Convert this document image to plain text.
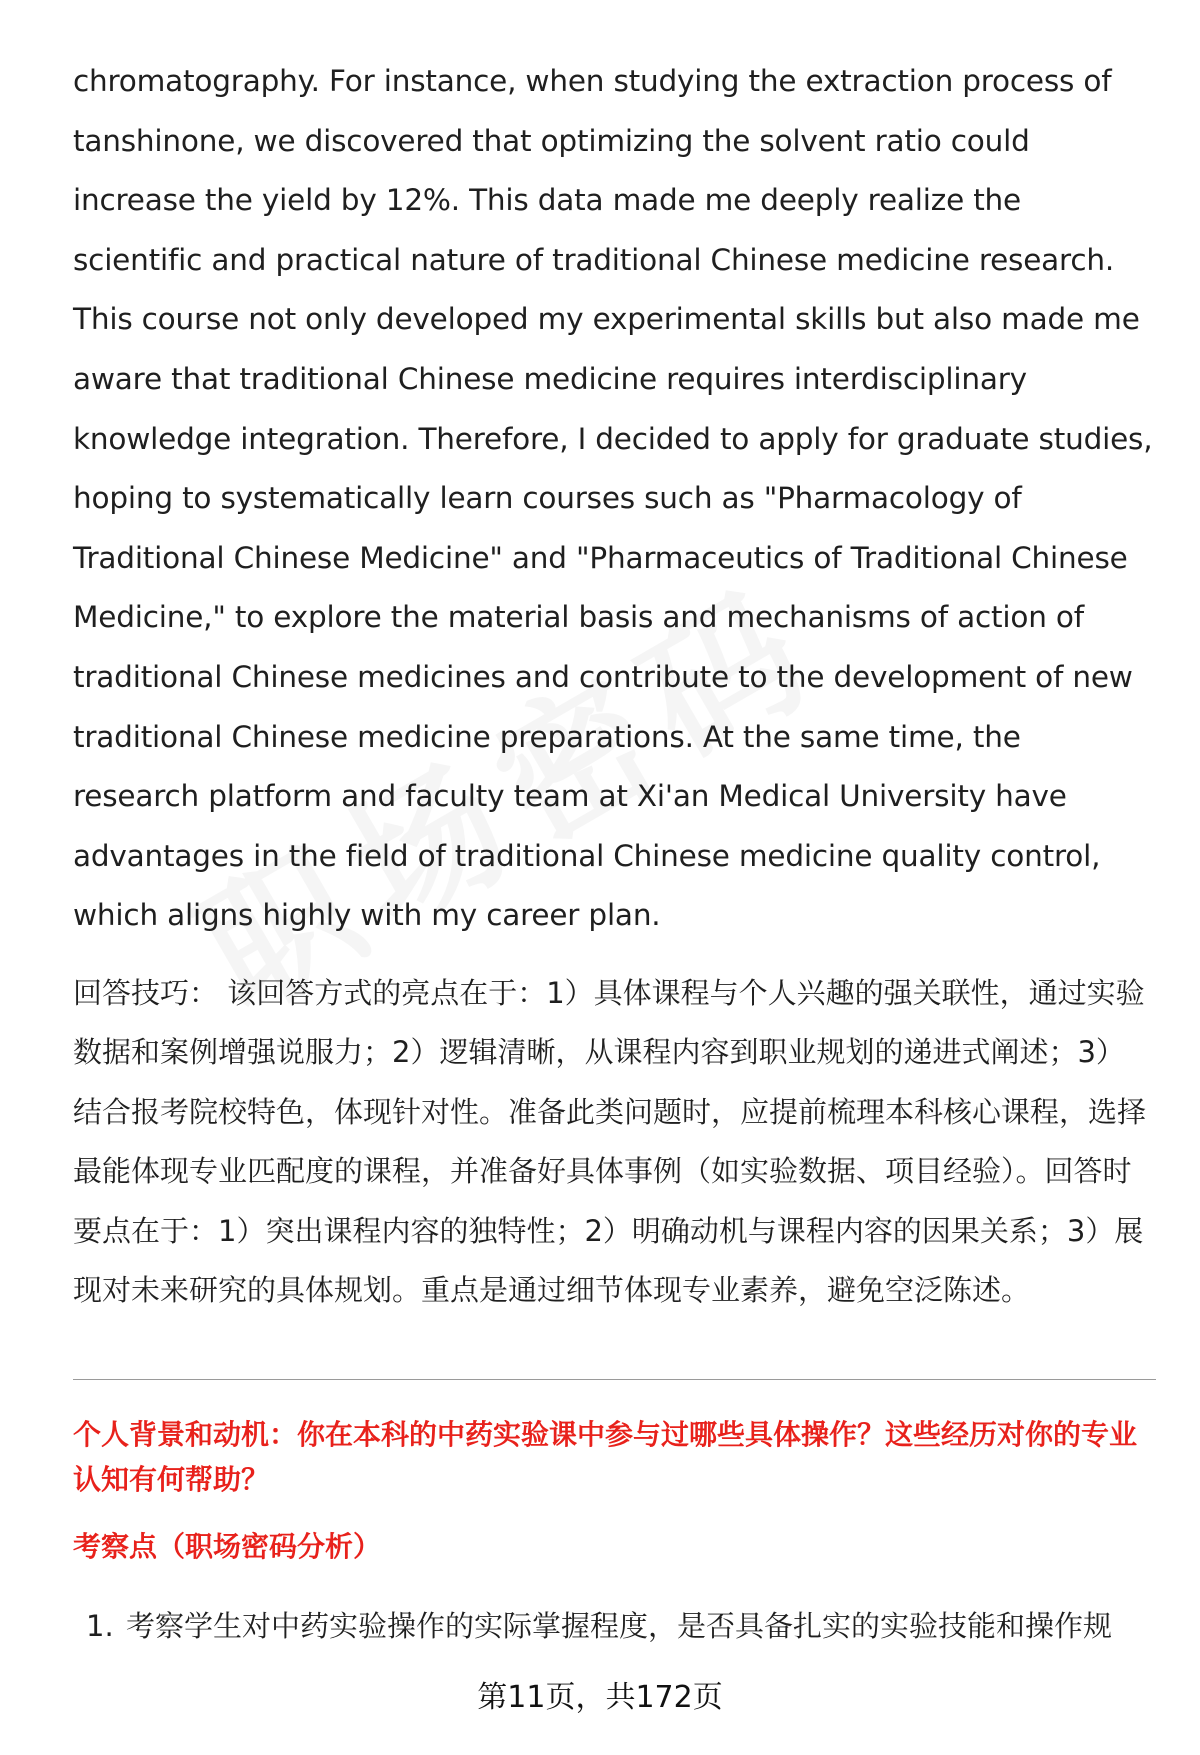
chromatography. For instance, when studying the extraction process of tanshinone, we discovered that optimizing the solvent ratio could increase the yield by 12%. This data made me deeply realize the scientific and practical nature of traditional Chinese medicine research. This course not only developed my experimental skills but also made me aware that traditional Chinese medicine requires interdisciplinary knowledge integration. Therefore, I decided to apply for graduate studies, hoping to systematically learn courses such as "Pharmacology of Traditional Chinese Medicine" and "Pharmaceutics of Traditional Chinese Medicine," to explore the material basis and mechanisms of action of traditional Chinese medicines and contribute to the development of new traditional Chinese medicine preparations. At the same time, the research platform and faculty team at Xi'an Medical University have advantages in the field of traditional Chinese medicine quality control, which aligns highly with my career plan.

回答技巧： 该回答方式的亮点在于：1）具体课程与个人兴趣的强关联性，通过实验数据和案例增强说服力；2）逻辑清晰，从课程内容到职业规划的递进式阐述；3）结合报考院校特色，体现针对性。准备此类问题时，应提前梳理本科核心课程，选择最能体现专业匹配度的课程，并准备好具体事例（如实验数据、项目经验）。回答时要点在于：1）突出课程内容的独特性；2）明确动机与课程内容的因果关系；3）展现对未来研究的具体规划。重点是通过细节体现专业素养，避免空泛陈述。

个人背景和动机：你在本科的中药实验课中参与过哪些具体操作？这些经历对你的专业认知有何帮助？

考察点（职场密码分析）

1. 考察学生对中药实验操作的实际掌握程度，是否具备扎实的实验技能和操作规
第11页，共172页
